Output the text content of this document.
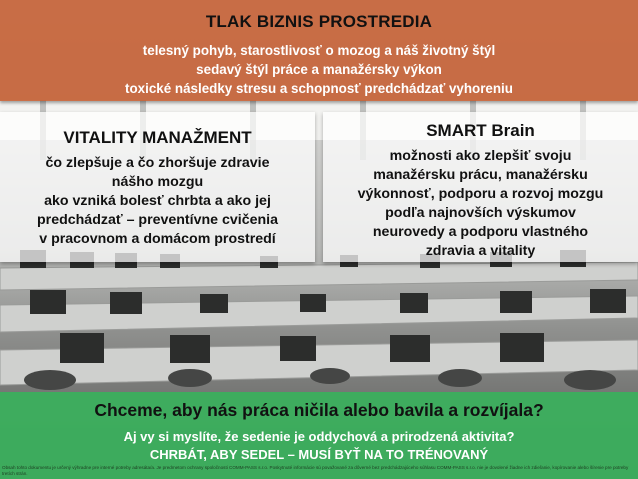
TLAK BIZNIS PROSTREDIA
telesný pohyb, starostlivosť o mozog a náš životný štýl
sedavý štýl práce a manažérsky výkon
toxické následky stresu a schopnosť predchádzať vyhoreniu
VITALITY MANAŽMENT
čo zlepšuje a čo zhoršuje zdravie
nášho mozgu
ako vzniká bolesť chrbta a ako jej
predchádzať – preventívne cvičenia
v pracovnom a domácom prostredí
SMART Brain
možnosti ako zlepšiť svoju
manažérsku prácu, manažérsku
výkonnosť, podporu a rozvoj mozgu
podľa najnovších výskumov
neurovedy a podporu vlastného
zdravia a vitality
Chceme, aby nás práca ničila alebo bavila a rozvíjala?
Aj vy si myslíte, že sedenie je oddychová a prirodzená aktivita?
CHRBÁT, ABY SEDEL – MUSÍ BYŤ NA TO TRÉNOVANÝ
Obsah tohto dokumentu je určený výhradne pre interné potreby adresáta/a. Je predmetom ochrany spoločnosti COMM-PASS s.r.o. Poskytnuté informácie sú považované za dôverné bez predchádzajúceho súhlasu COMM-PASS s.r.o. nie je dovolené žiadne ich zdieľanie, kopírovanie alebo šírenie pre potreby tretích strán.
